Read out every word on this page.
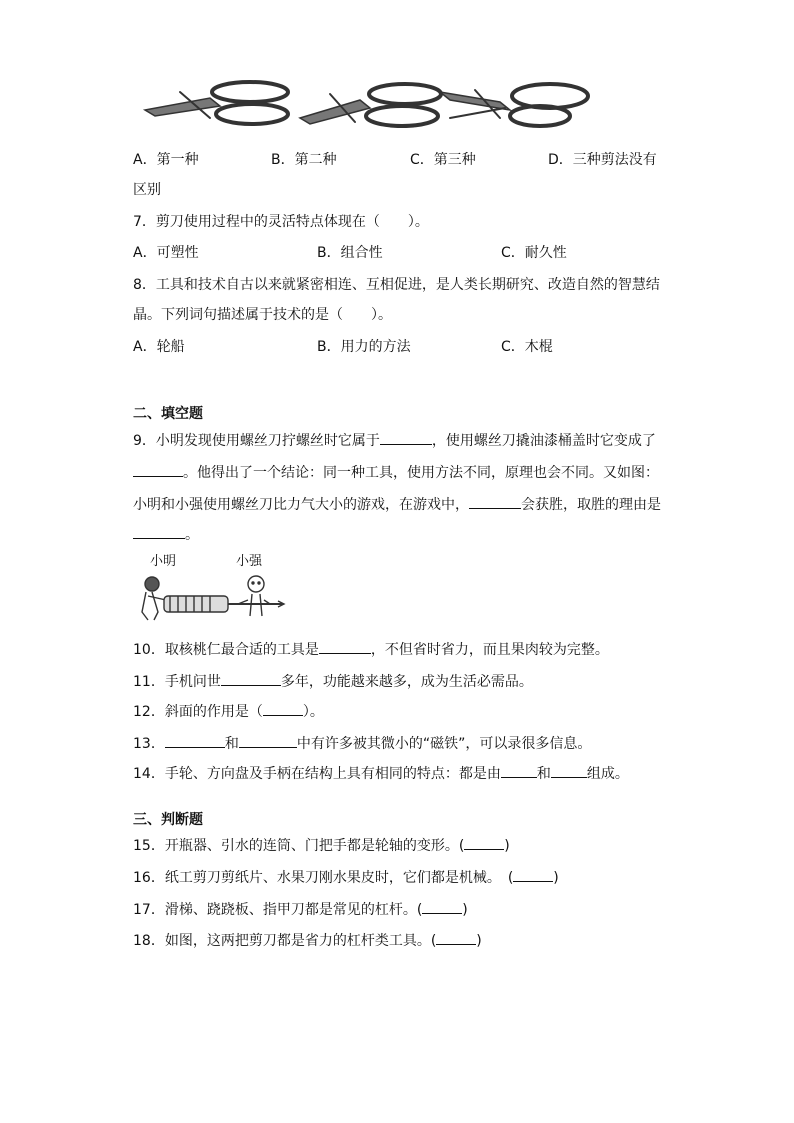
A．第一种	B．第二种	C．第三种	D．三种剪法没有
区别
7．剪刀使用过程中的灵活特点体现在（　　）。
A．可塑性	B．组合性	C．耐久性
8．工具和技术自古以来就紧密相连、互相促进，是人类长期研究、改造自然的智慧结
晶。下列词句描述属于技术的是（　　）。
A．轮船	B．用力的方法	C．木棍
二、填空题
9．小明发现使用螺丝刀拧螺丝时它属于	，使用螺丝刀撬油漆桶盖时它变成了
。他得出了一个结论：同一种工具，使用方法不同，原理也会不同。又如图：
小明和小强使用螺丝刀比力气大小的游戏，在游戏中，	会获胜，取胜的理由是
。
小明	小强
10．取核桃仁最合适的工具是	，不但省时省力，而且果肉较为完整。
11．手机问世	多年，功能越来越多，成为生活必需品。
12．斜面的作用是（	）。
13．	和	中有许多被其微小的“磁铁”，可以录很多信息。
14．手轮、方向盘及手柄在结构上具有相同的特点：都是由	和	组成。
三、判断题
15．开瓶器、引水的连筒、门把手都是轮轴的变形。(	)
16．纸工剪刀剪纸片、水果刀刚水果皮时，它们都是机械。　(	)
17．滑梯、跷跷板、指甲刀都是常见的杠杆。(	)
18．如图，这两把剪刀都是省力的杠杆类工具。(	)
